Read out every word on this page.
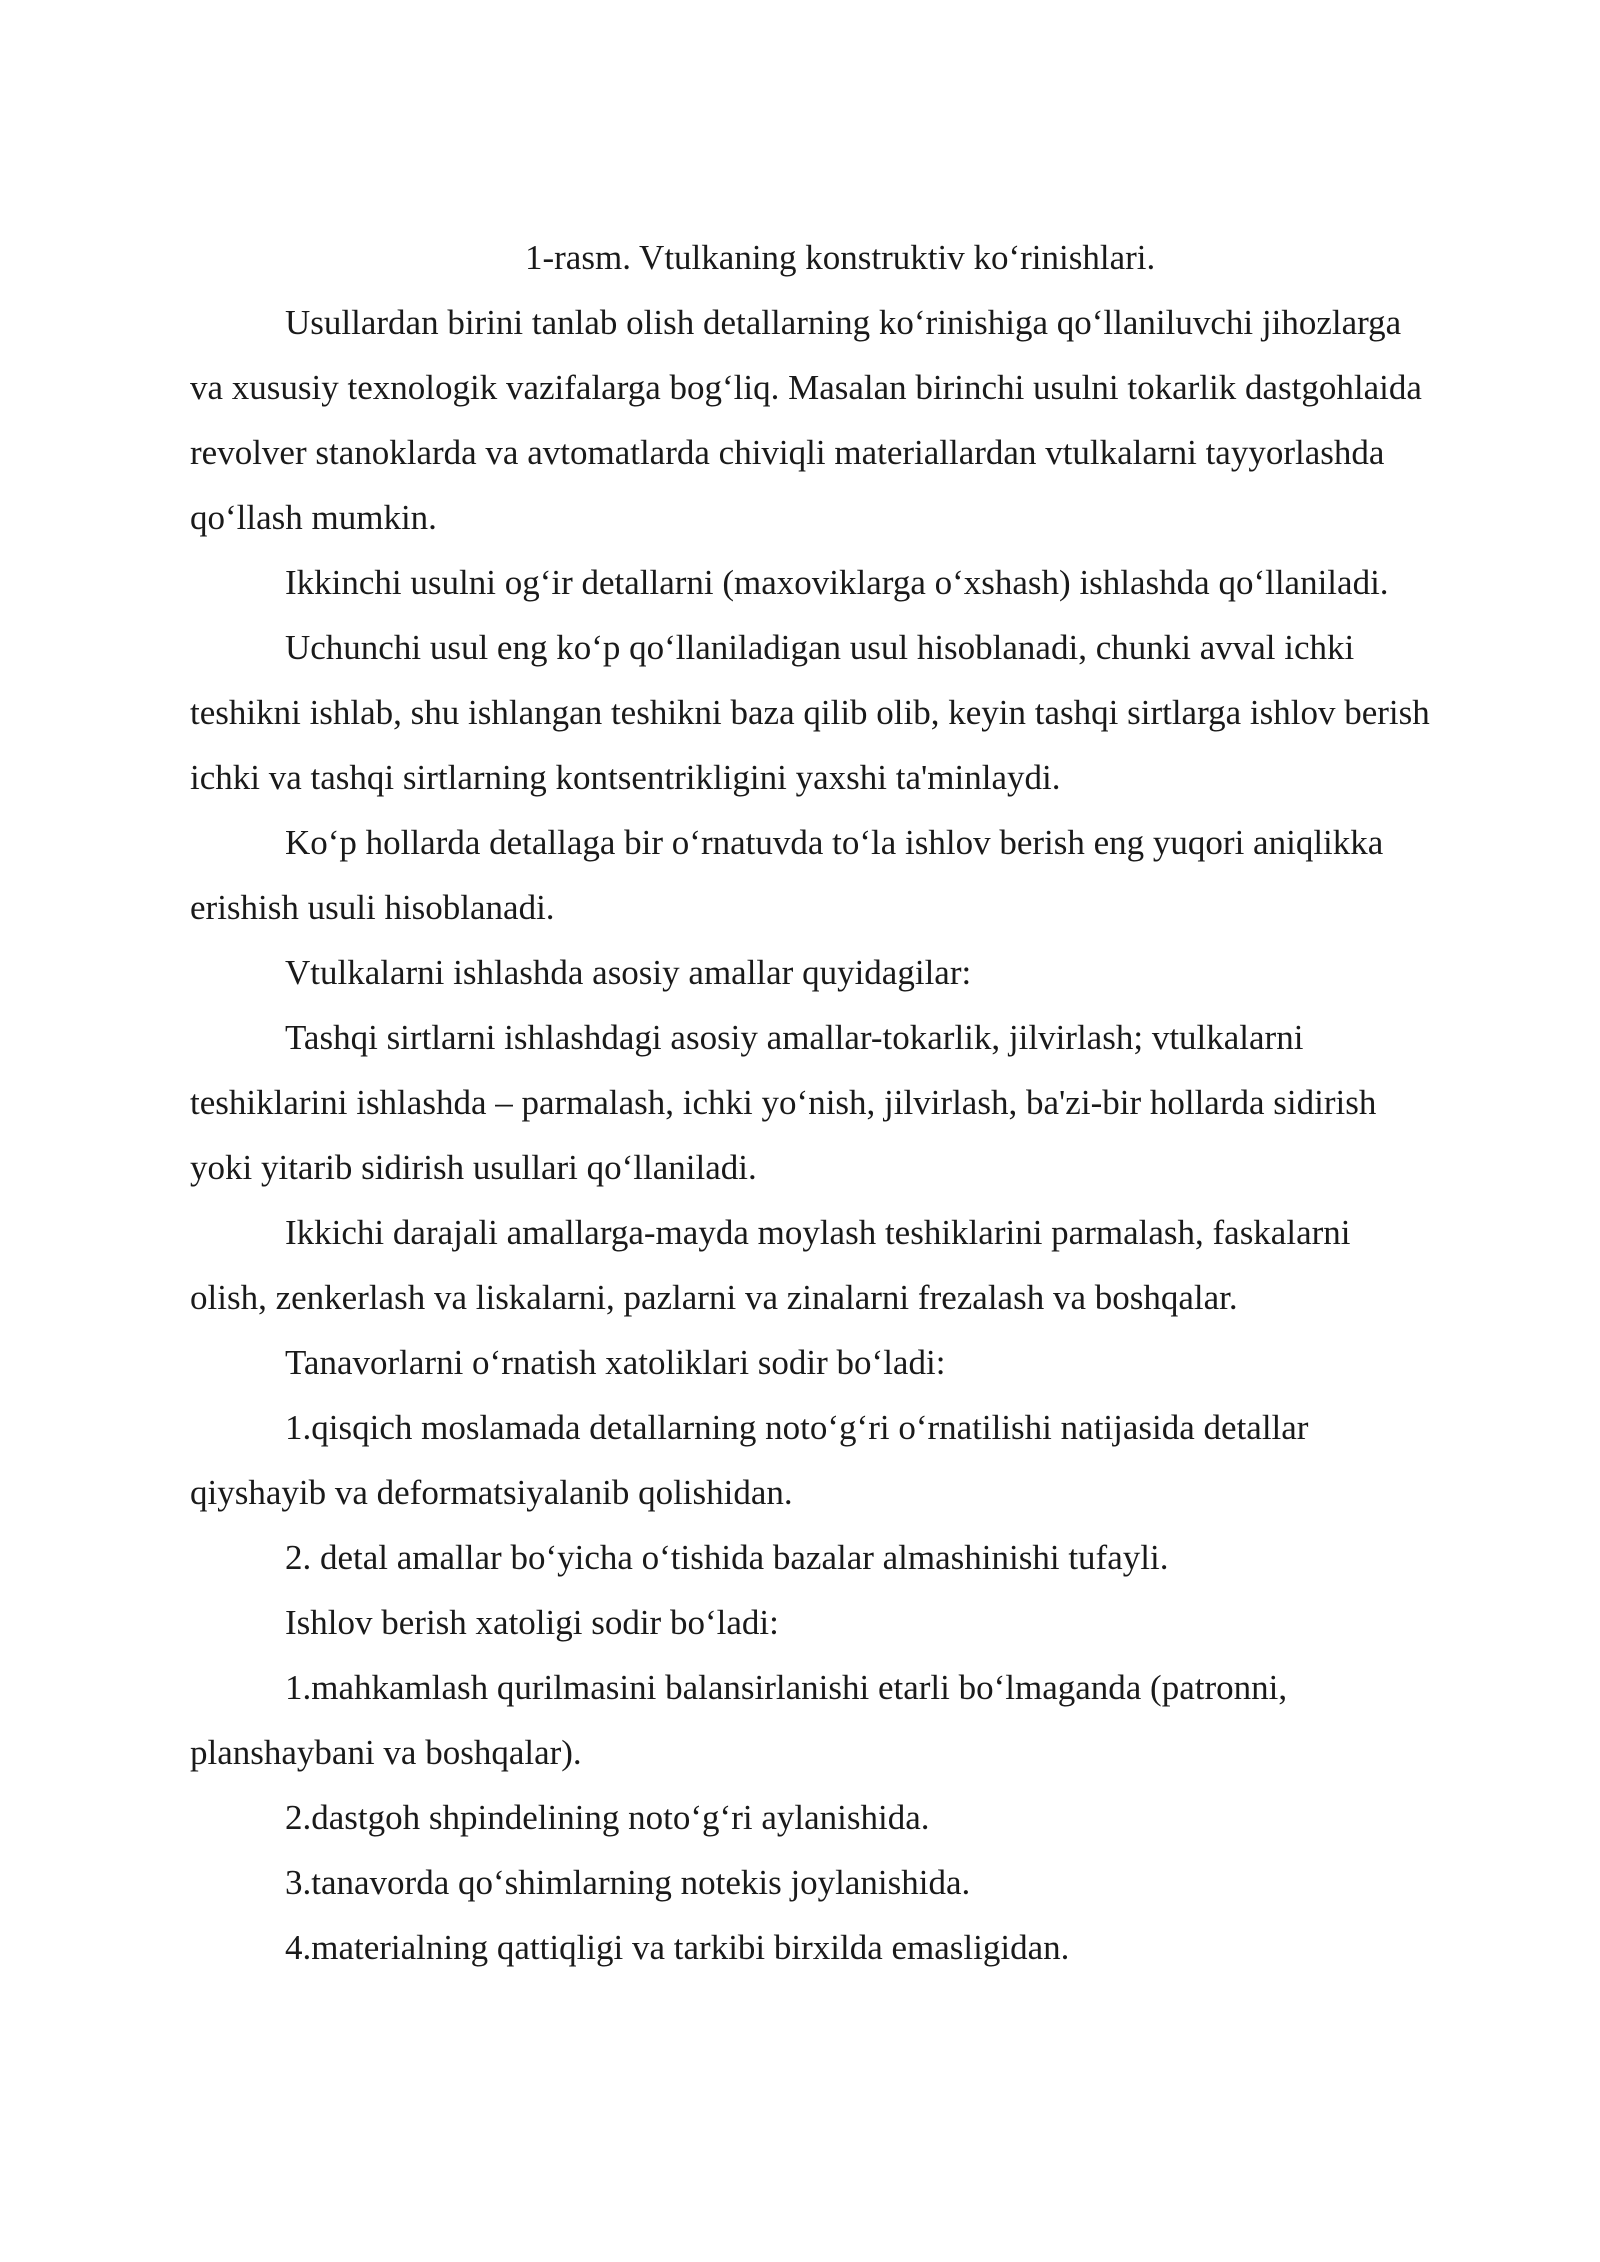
1-rasm. Vtulkaning konstruktiv ko‘rinishlari.

Usullardan birini tanlab olish detallarning ko‘rinishiga qo‘llaniluvchi jihozlarga va xususiy texnologik vazifalarga bog‘liq. Masalan birinchi usulni tokarlik dastgohlaida revolver stanoklarda va avtomatlarda chiviqli materiallardan vtulkalarni tayyorlashda qo‘llash mumkin.

Ikkinchi usulni og‘ir detallarni (maxoviklarga o‘xshash) ishlashda qo‘llaniladi.

Uchunchi usul eng ko‘p qo‘llaniladigan usul hisoblanadi, chunki avval ichki teshikni ishlab, shu ishlangan teshikni baza qilib olib, keyin tashqi sirtlarga ishlov berish ichki va tashqi sirtlarning kontsentrikligini yaxshi ta'minlaydi.

Ko‘p hollarda detallaga bir o‘rnatuvda to‘la ishlov berish eng yuqori aniqlikka erishish usuli hisoblanadi.

Vtulkalarni ishlashda asosiy amallar quyidagilar:

Tashqi sirtlarni ishlashdagi asosiy amallar-tokarlik, jilvirlash; vtulkalarni teshiklarini ishlashda – parmalash, ichki yo‘nish, jilvirlash, ba'zi-bir hollarda sidirish yoki yitarib sidirish usullari qo‘llaniladi.

Ikkichi darajali amallarga-mayda moylash teshiklarini parmalash, faskalarni olish, zenkerlash va liskalarni, pazlarni va zinalarni frezalash va boshqalar.

Tanavorlarni o‘rnatish xatoliklari sodir bo‘ladi:

1.qisqich moslamada detallarning noto‘g‘ri o‘rnatilishi natijasida detallar qiyshayib va deformatsiyalanib qolishidan.

2. detal amallar bo‘yicha o‘tishida bazalar almashinishi tufayli.

Ishlov berish xatoligi sodir bo‘ladi:

1.mahkamlash qurilmasini balansirlanishi etarli bo‘lmaganda (patronni, planshaybani va boshqalar).

2.dastgoh shpindelining noto‘g‘ri aylanishida.

3.tanavorda qo‘shimlarning notekis joylanishida.

4.materialning qattiqligi va tarkibi birxilda emasligidan.
